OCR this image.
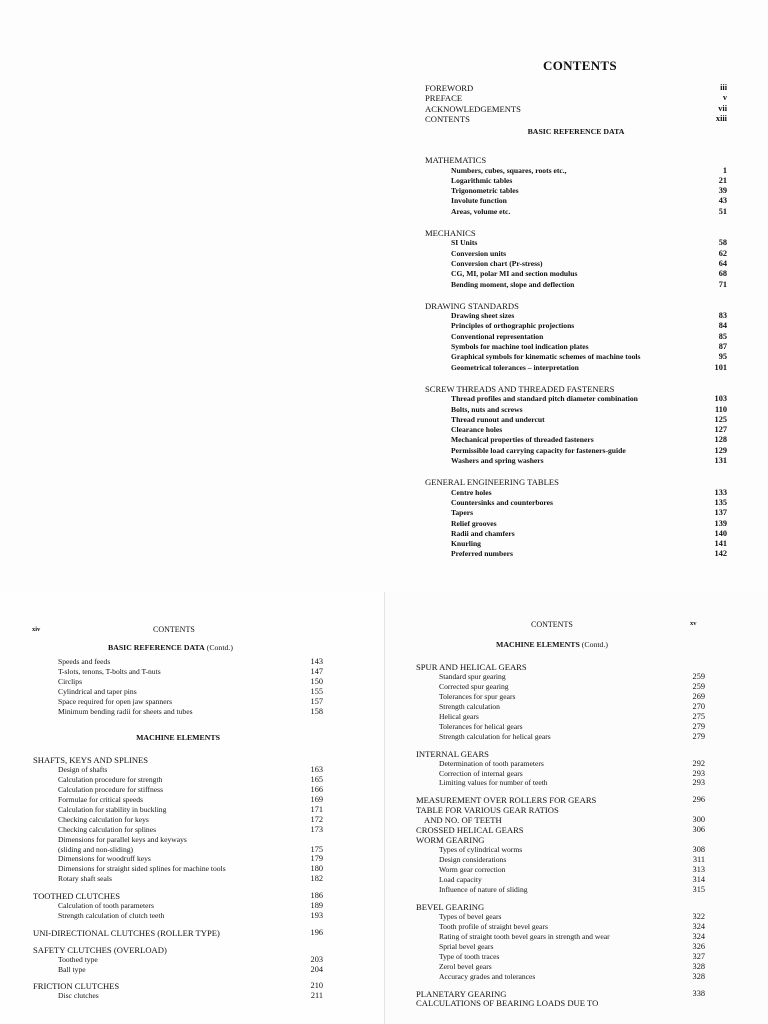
CONTENTS
FOREWORD	iii
PREFACE	v
ACKNOWLEDGEMENTS	vii
CONTENTS	xiii
BASIC REFERENCE DATA
MATHEMATICS
Numbers, cubes, squares, roots etc.,	1
Logarithmic tables	21
Trigonometric tables	39
Involute function	43
Areas, volume etc.	51
MECHANICS
SI Units	58
Conversion units	62
Conversion chart (Pr-stress)	64
CG, MI, polar MI and section modulus	68
Bending moment, slope and deflection	71
DRAWING STANDARDS
Drawing sheet sizes	83
Principles of orthographic projections	84
Conventional representation	85
Symbols for machine tool indication plates	87
Graphical symbols for kinematic schemes of machine tools	95
Geometrical tolerances – interpretation	101
SCREW THREADS AND THREADED FASTENERS
Thread profiles and standard pitch diameter combination	103
Bolts, nuts and screws	110
Thread runout and undercut	125
Clearance holes	127
Mechanical properties of threaded fasteners	128
Permissible load carrying capacity for fasteners-guide	129
Washers and spring washers	131
GENERAL ENGINEERING TABLES
Centre holes	133
Countersinks and counterbores	135
Tapers	137
Relief grooves	139
Radii and chamfers	140
Knurling	141
Preferred numbers	142
xiv	CONTENTS
BASIC REFERENCE DATA (Contd.)
Speeds and feeds	143
T-slots, tenons, T-bolts and T-nuts	147
Circlips	150
Cylindrical and taper pins	155
Space required for open jaw spanners	157
Minimum bending radii for sheets and tubes	158
MACHINE ELEMENTS
SHAFTS, KEYS AND SPLINES
Design of shafts	163
Calculation procedure for strength	165
Calculation procedure for stiffness	166
Formulae for critical speeds	169
Calculation for stability in buckling	171
Checking calculation for keys	172
Checking calculation for splines	173
Dimensions for parallel keys and keyways
(sliding and non-sliding)	175
Dimensions for woodruff keys	179
Dimensions for straight sided splines for machine tools	180
Rotary shaft seals	182
TOOTHED CLUTCHES	186
Calculation of tooth parameters	189
Strength calculation of clutch teeth	193
UNI-DIRECTIONAL CLUTCHES (ROLLER TYPE)	196
SAFETY CLUTCHES (OVERLOAD)
Toothed type	203
Ball type	204
FRICTION CLUTCHES	210
Disc clutches	211
CONTENTS	xv
MACHINE ELEMENTS (Contd.)
SPUR AND HELICAL GEARS
Standard spur gearing	259
Corrected spur gearing	259
Tolerances for spur gears	269
Strength calculation	270
Helical gears	275
Tolerances for helical gears	279
Strength calculation for helical gears	279
INTERNAL GEARS
Determination of tooth parameters	292
Correction of internal gears	293
Limiting values for number of teeth	293
MEASUREMENT OVER ROLLERS FOR GEARS	296
TABLE FOR VARIOUS GEAR RATIOS
AND NO. OF TEETH	300
CROSSED HELICAL GEARS	306
WORM GEARING
Types of cylindrical worms	308
Design considerations	311
Worm gear correction	313
Load capacity	314
Influence of nature of sliding	315
BEVEL GEARING
Types of bevel gears	322
Tooth profile of straight bevel gears	324
Rating of straight tooth bevel gears in strength and wear	324
Sprial bevel gears	326
Type of tooth traces	327
Zerol bevel gears	328
Accuracy grades and tolerances	328
PLANETARY GEARING	338
CALCULATIONS OF BEARING LOADS DUE TO
